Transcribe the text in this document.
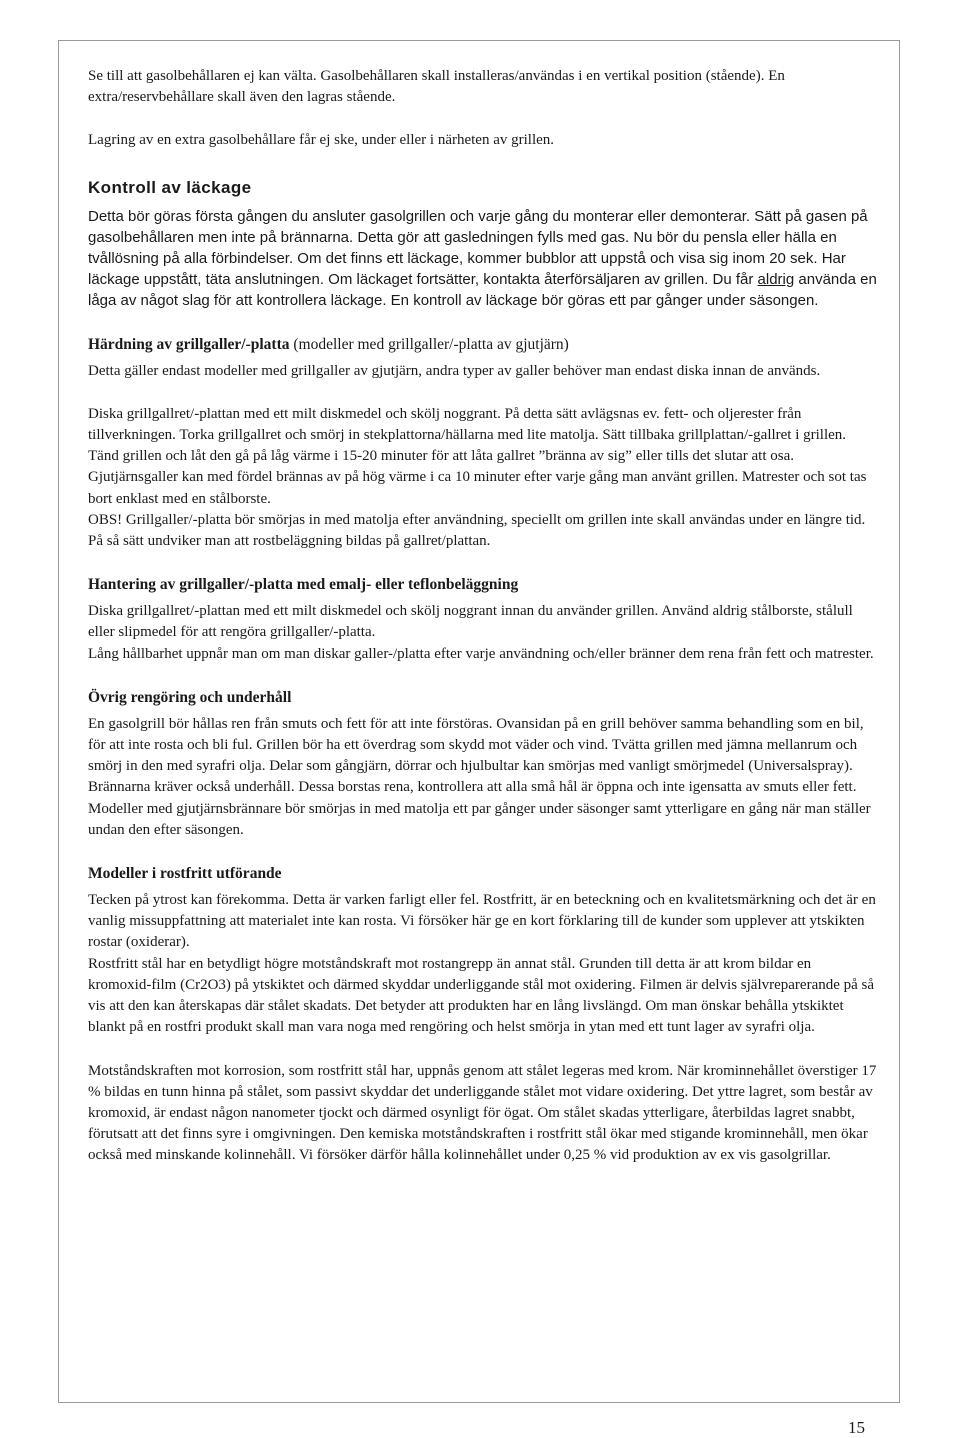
Se till att gasolbehållaren ej kan välta. Gasolbehållaren skall installeras/användas i en vertikal position (stående). En extra/reservbehållare skall även den lagras stående.

Lagring av en extra gasolbehållare får ej ske, under eller i närheten av grillen.

Kontroll av läckage

Detta bör göras första gången du ansluter gasolgrillen och varje gång du monterar eller demonterar. Sätt på gasen på gasolbehållaren men inte på brännarna. Detta gör att gasledningen fylls med gas. Nu bör du pensla eller hälla en tvållösning på alla förbindelser. Om det finns ett läckage, kommer bubblor att uppstå och visa sig inom 20 sek. Har läckage uppstått, täta anslutningen. Om läckaget fortsätter, kontakta återförsäljaren av grillen. Du får aldrig använda en låga av något slag för att kontrollera läckage. En kontroll av läckage bör göras ett par gånger under säsongen.

Härdning av grillgaller/-platta (modeller med grillgaller/-platta av gjutjärn)

Detta gäller endast modeller med grillgaller av gjutjärn, andra typer av galler behöver man endast diska innan de används.

Diska grillgallret/-plattan med ett milt diskmedel och skölj noggrant. På detta sätt avlägsnas ev. fett- och oljerester från tillverkningen. Torka grillgallret och smörj in stekplattorna/hällarna med lite matolja. Sätt tillbaka grillplattan/-gallret i grillen.

Tänd grillen och låt den gå på låg värme i 15-20 minuter för att låta gallret ”bränna av sig” eller tills det slutar att osa.

Gjutjärnsgaller kan med fördel brännas av på hög värme i ca 10 minuter efter varje gång man använt grillen. Matrester och sot tas bort enklast med en stålborste.

OBS! Grillgaller/-platta bör smörjas in med matolja efter användning, speciellt om grillen inte skall användas under en längre tid. På så sätt undviker man att rostbeläggning bildas på gallret/plattan.

Hantering av grillgaller/-platta med emalj- eller teflonbeläggning

Diska grillgallret/-plattan med ett milt diskmedel och skölj noggrant innan du använder grillen. Använd aldrig stålborste, stålull eller slipmedel för att rengöra grillgaller/-platta.

Lång hållbarhet uppnår man om man diskar galler-/platta efter varje användning och/eller bränner dem rena från fett och matrester.

Övrig rengöring och underhåll

En gasolgrill bör hållas ren från smuts och fett för att inte förstöras. Ovansidan på en grill behöver samma behandling som en bil, för att inte rosta och bli ful. Grillen bör ha ett överdrag som skydd mot väder och vind. Tvätta grillen med jämna mellanrum och smörj in den med syrafri olja. Delar som gångjärn, dörrar och hjulbultar kan smörjas med vanligt smörjmedel (Universalspray).

Brännarna kräver också underhåll. Dessa borstas rena, kontrollera att alla små hål är öppna och inte igensatta av smuts eller fett. Modeller med gjutjärnsbrännare bör smörjas in med matolja ett par gånger under säsonger samt ytterligare en gång när man ställer undan den efter säsongen.

Modeller i rostfritt utförande

Tecken på ytrost kan förekomma. Detta är varken farligt eller fel. Rostfritt, är en beteckning och en kvalitetsmärkning och det är en vanlig missuppfattning att materialet inte kan rosta. Vi försöker här ge en kort förklaring till de kunder som upplever att ytskikten rostar (oxiderar).

Rostfritt stål har en betydligt högre motståndskraft mot rostangrepp än annat stål. Grunden till detta är att krom bildar en kromoxid-film (Cr2O3) på ytskiktet och därmed skyddar underliggande stål mot oxidering. Filmen är delvis självreparerande på så vis att den kan återskapas där stålet skadats. Det betyder att produkten har en lång livslängd. Om man önskar behålla ytskiktet blankt på en rostfri produkt skall man vara noga med rengöring och helst smörja in ytan med ett tunt lager av syrafri olja.

Motståndskraften mot korrosion, som rostfritt stål har, uppnås genom att stålet legeras med krom. När krominnehållet överstiger 17 % bildas en tunn hinna på stålet, som passivt skyddar det underliggande stålet mot vidare oxidering. Det yttre lagret, som består av kromoxid, är endast någon nanometer tjockt och därmed osynligt för ögat. Om stålet skadas ytterligare, återbildas lagret snabbt, förutsatt att det finns syre i omgivningen. Den kemiska motståndskraften i rostfritt stål ökar med stigande krominnehåll, men ökar också med minskande kolinnehåll. Vi försöker därför hålla kolinnehållet under 0,25 % vid produktion av ex vis gasolgrillar.

15
